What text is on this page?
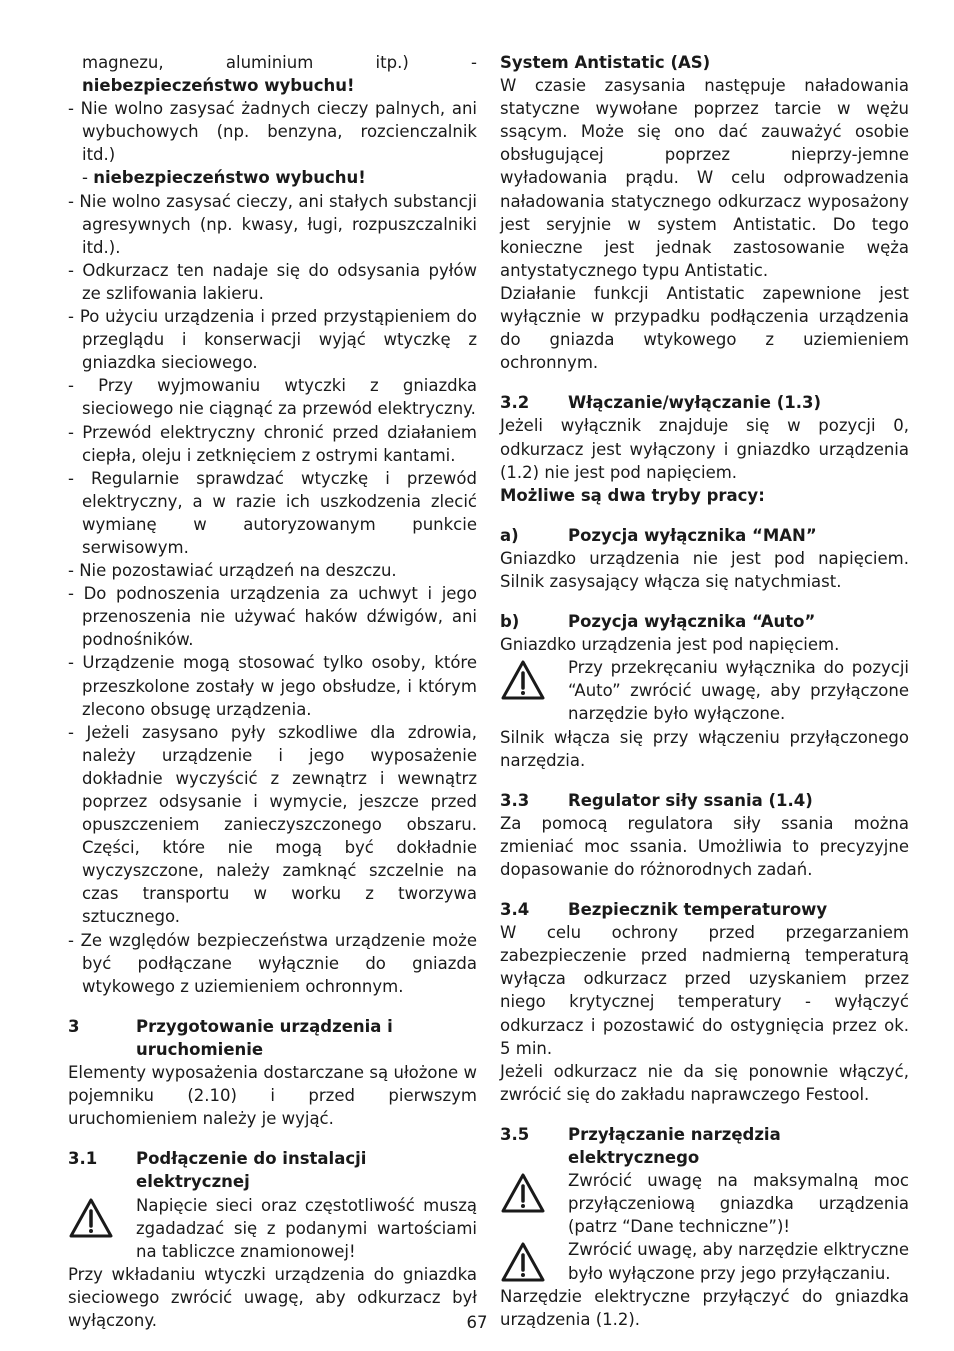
magnezu, aluminium itp.) - niebezpieczeństwo wybuchu!

- Nie wolno zasysać żadnych cieczy palnych, ani wybuchowych (np. benzyna, rozcienczalnik itd.)
- niebezpieczeństwo wybuchu!

- Nie wolno zasysać cieczy, ani stałych substancji agresywnych (np. kwasy, ługi, rozpuszczalniki itd.).

- Odkurzacz ten nadaje się do odsysania pyłów ze szlifowania lakieru.

- Po użyciu urządzenia i przed przystąpieniem do przeglądu i konserwacji wyjąć wtyczkę z gniazdka sieciowego.

- Przy wyjmowaniu wtyczki z gniazdka sieciowego nie ciągnąć za przewód elektryczny.

- Przewód elektryczny chronić przed działaniem ciepła, oleju i zetknięciem z ostrymi kantami.

- Regularnie sprawdzać wtyczkę i przewód elektryczny, a w razie ich uszkodzenia zlecić wymianę w autoryzowanym punkcie serwisowym.

- Nie pozostawiać urządzeń na deszczu.

- Do podnoszenia urządzenia za uchwyt i jego przenoszenia nie używać haków dźwigów, ani podnośników.

- Urządzenie mogą stosować tylko osoby, które przeszkolone zostały w jego obsłudze, i którym zlecono obsugę urządzenia.

- Jeżeli zasysano pyły szkodliwe dla zdrowia, należy urządzenie i jego wyposażenie dokładnie wyczyścić z zewnątrz i wewnątrz poprzez odsysanie i wymycie, jeszcze przed opuszczeniem zanieczyszczonego obszaru. Części, które nie mogą być dokładnie wyczyszczone, należy zamknąć szczelnie na czas transportu w worku z tworzywa sztucznego.

- Ze względów bezpieczeństwa urządzenie może być podłączane wyłącznie do gniazda wtykowego z uziemieniem ochronnym.

3	Przygotowanie urządzenia i uruchomienie

Elementy wyposażenia dostarczane są ułożone w pojemniku (2.10) i przed pierwszym uruchomieniem należy je wyjąć.

3.1	Podłączenie do instalacji elektrycznej

Napięcie sieci oraz częstotliwość muszą zgadadzać się z podanymi wartościami na tabliczce znamionowej!

Przy wkładaniu wtyczki urządzenia do gniazdka sieciowego zwrócić uwagę, aby odkurzacz był wyłączony.

System Antistatic (AS)

W czasie zasysania następuje naładowania statyczne wywołane poprzez tarcie w wężu ssącym. Może się ono dać zauważyć osobie obsługującej poprzez nieprzy-jemne wyładowania prądu. W celu odprowadzenia naładowania statycznego odkurzacz wyposażony jest seryjnie w system Antistatic. Do tego konieczne jest jednak zastosowanie węża antystatycznego typu Antistatic.

Działanie funkcji Antistatic zapewnione jest wyłącznie w przypadku podłączenia urządzenia do gniazda wtykowego z uziemieniem ochronnym.

3.2	Włączanie/wyłączanie (1.3)

Jeżeli wyłącznik znajduje się w pozycji 0, odkurzacz jest wyłączony i gniazdko urządzenia (1.2) nie jest pod napięciem.

Możliwe są dwa tryby pracy:

a)	Pozycja wyłącznika “MAN”

Gniazdko urządzenia nie jest pod napięciem. Silnik zasysający włącza się natychmiast.

b)	Pozycja wyłącznika “Auto”

Gniazdko urządzenia jest pod napięciem.

Przy przekręcaniu wyłącznika do pozycji “Auto” zwrócić uwagę, aby przyłączone narzędzie było wyłączone.

Silnik włącza się przy włączeniu przyłączonego narzędzia.

3.3	Regulator siły ssania (1.4)

Za pomocą regulatora siły ssania można zmieniać moc ssania. Umożliwia to precyzyjne dopasowanie do różnorodnych zadań.

3.4	Bezpiecznik temperaturowy

W celu ochrony przed przegarzaniem zabezpieczenie przed nadmierną temperaturą wyłącza odkurzacz przed uzyskaniem przez niego krytycznej temperatury - wyłączyć odkurzacz i pozostawić do ostygnięcia przez ok. 5 min.

Jeżeli odkurzacz nie da się ponownie włączyć, zwrócić się do zakładu naprawczego Festool.

3.5	Przyłączanie narzędzia elektrycznego

Zwrócić uwagę na maksymalną moc przyłączeniową gniazdka urządzenia (patrz “Dane techniczne”)!

Zwrócić uwagę, aby narzędzie elktryczne było wyłączone przy jego przyłączaniu.

Narzędzie elektryczne przyłączyć do gniazdka urządzenia (1.2).

67
